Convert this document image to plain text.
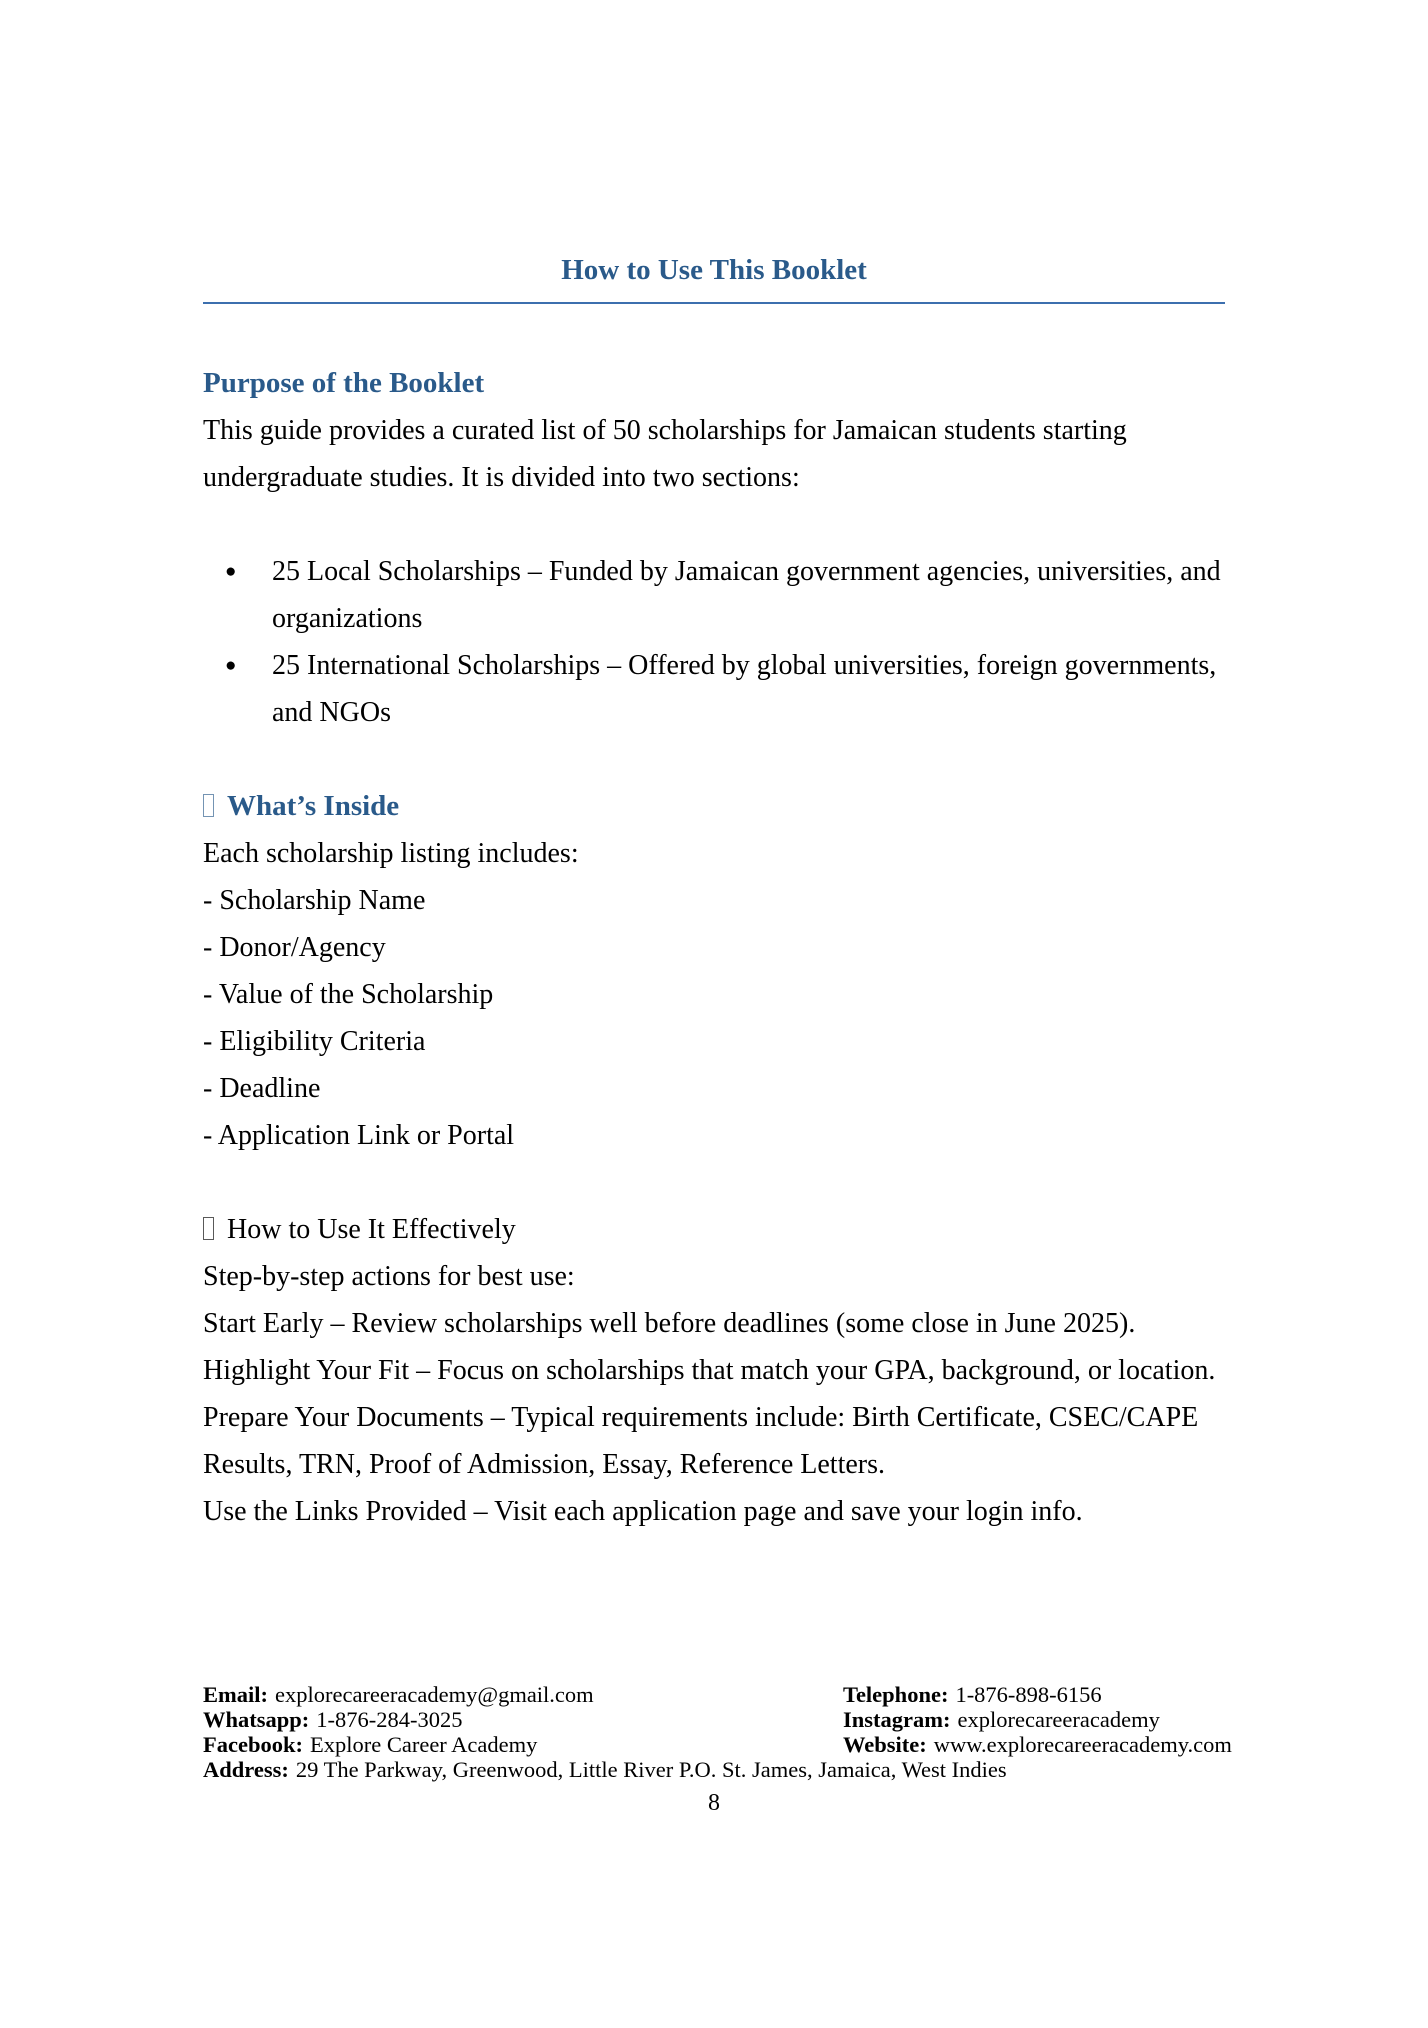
How to Use This Booklet
Purpose of the Booklet

This guide provides a curated list of 50 scholarships for Jamaican students starting undergraduate studies. It is divided into two sections:

●	25 Local Scholarships – Funded by Jamaican government agencies, universities, and organizations
●	25 International Scholarships – Offered by global universities, foreign governments, and NGOs
What’s Inside

Each scholarship listing includes:

- Scholarship Name

- Donor/Agency

- Value of the Scholarship

- Eligibility Criteria

- Deadline

- Application Link or Portal

How to Use It Effectively

Step-by-step actions for best use:

Start Early – Review scholarships well before deadlines (some close in June 2025).

Highlight Your Fit – Focus on scholarships that match your GPA, background, or location.

Prepare Your Documents – Typical requirements include: Birth Certificate, CSEC/CAPE Results, TRN, Proof of Admission, Essay, Reference Letters.

Use the Links Provided – Visit each application page and save your login info.

Email: explorecareeracademy@gmail.com	Telephone: 1-876-898-6156
Whatsapp: 1-876-284-3025	Instagram: explorecareeracademy
Facebook: Explore Career Academy	Website: www.explorecareeracademy.com
Address: 29 The Parkway, Greenwood, Little River P.O. St. James, Jamaica, West Indies
8
